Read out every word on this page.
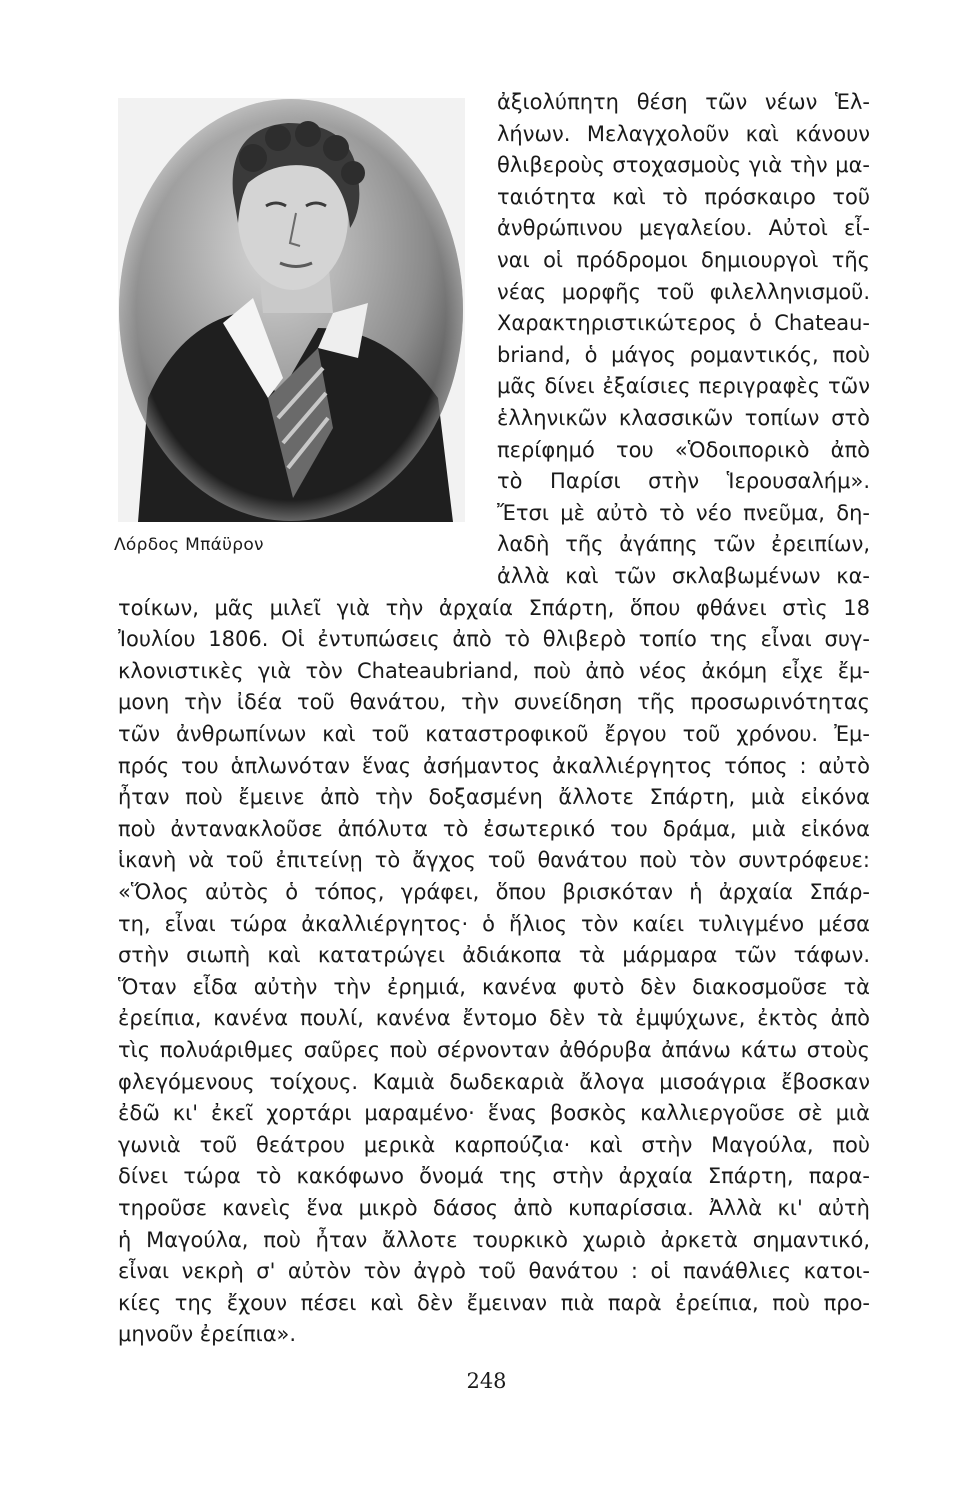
Λόρδος Μπάϋρον
ἀξιολύπητη θέση τῶν νέων Ἑλ-
λήνων. Μελαγχολοῦν καὶ κάνουν
θλιβεροὺς στοχασμοὺς γιὰ τὴν μα-
ταιότητα καὶ τὸ πρόσκαιρο τοῦ
ἀνθρώπινου μεγαλείου. Αὐτοὶ εἶ-
ναι οἱ πρόδρομοι δημιουργοὶ τῆς
νέας μορφῆς τοῦ φιλελληνισμοῦ.
Χαρακτηριστικώτερος ὁ Chateau-
briand, ὁ μάγος ρομαντικός, ποὺ
μᾶς δίνει ἐξαίσιες περιγραφὲς τῶν
ἑλληνικῶν κλασσικῶν τοπίων στὸ
περίφημό του «Ὁδοιπορικὸ ἀπὸ
τὸ Παρίσι στὴν Ἱερουσαλήμ».
Ἔτσι μὲ αὐτὸ τὸ νέο πνεῦμα, δη-
λαδὴ τῆς ἀγάπης τῶν ἐρειπίων,
ἀλλὰ καὶ τῶν σκλαβωμένων κα-
τοίκων, μᾶς μιλεῖ γιὰ τὴν ἀρχαία Σπάρτη, ὅπου φθάνει στὶς 18
Ἰουλίου 1806. Οἱ ἐντυπώσεις ἀπὸ τὸ θλιβερὸ τοπίο της εἶναι συγ-
κλονιστικὲς γιὰ τὸν Chateaubriand, ποὺ ἀπὸ νέος ἀκόμη εἶχε ἔμ-
μονη τὴν ἰδέα τοῦ θανάτου, τὴν συνείδηση τῆς προσωρινότητας
τῶν ἀνθρωπίνων καὶ τοῦ καταστροφικοῦ ἔργου τοῦ χρόνου. Ἐμ-
πρός του ἁπλωνόταν ἕνας ἀσήμαντος ἀκαλλιέργητος τόπος : αὐτὸ
ἦταν ποὺ ἔμεινε ἀπὸ τὴν δοξασμένη ἄλλοτε Σπάρτη, μιὰ εἰκόνα
ποὺ ἀντανακλοῦσε ἀπόλυτα τὸ ἐσωτερικό του δράμα, μιὰ εἰκόνα
ἱκανὴ νὰ τοῦ ἐπιτείνῃ τὸ ἄγχος τοῦ θανάτου ποὺ τὸν συντρόφευε:
«Ὅλος αὐτὸς ὁ τόπος, γράφει, ὅπου βρισκόταν ἡ ἀρχαία Σπάρ-
τη, εἶναι τώρα ἀκαλλιέργητος· ὁ ἥλιος τὸν καίει τυλιγμένο μέσα
στὴν σιωπὴ καὶ κατατρώγει ἀδιάκοπα τὰ μάρμαρα τῶν τάφων.
Ὅταν εἶδα αὐτὴν τὴν ἐρημιά, κανένα φυτὸ δὲν διακοσμοῦσε τὰ
ἐρείπια, κανένα πουλί, κανένα ἔντομο δὲν τὰ ἐμψύχωνε, ἐκτὸς ἀπὸ
τὶς πολυάριθμες σαῦρες ποὺ σέρνονταν ἀθόρυβα ἀπάνω κάτω στοὺς
φλεγόμενους τοίχους. Καμιὰ δωδεκαριὰ ἄλογα μισοάγρια ἔβοσκαν
ἐδῶ κι' ἐκεῖ χορτάρι μαραμένο· ἕνας βοσκὸς καλλιεργοῦσε σὲ μιὰ
γωνιὰ τοῦ θεάτρου μερικὰ καρπούζια· καὶ στὴν Μαγούλα, ποὺ
δίνει τώρα τὸ κακόφωνο ὄνομά της στὴν ἀρχαία Σπάρτη, παρα-
τηροῦσε κανεὶς ἕνα μικρὸ δάσος ἀπὸ κυπαρίσσια. Ἀλλὰ κι' αὐτὴ
ἡ Μαγούλα, ποὺ ἦταν ἄλλοτε τουρκικὸ χωριὸ ἀρκετὰ σημαντικό,
εἶναι νεκρὴ σ' αὐτὸν τὸν ἀγρὸ τοῦ θανάτου : οἱ πανάθλιες κατοι-
κίες της ἔχουν πέσει καὶ δὲν ἔμειναν πιὰ παρὰ ἐρείπια, ποὺ προ-
μηνοῦν ἐρείπια».
248
